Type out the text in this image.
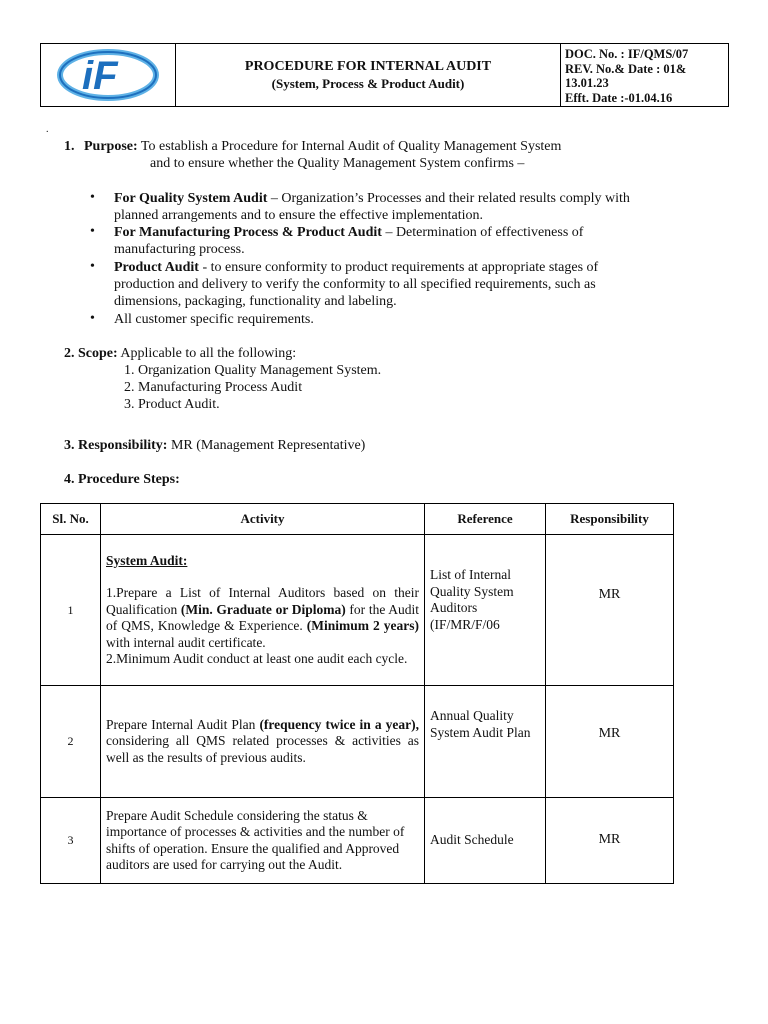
iF	PROCEDURE FOR INTERNAL AUDIT
(System, Process & Product Audit)
DOC. No. : IF/QMS/07
REV. No.& Date : 01&
13.01.23
Efft. Date :-01.04.16
.
1. Purpose: To establish a Procedure for Internal Audit of Quality Management System
and to ensure whether the Quality Management System confirms –
• For Quality System Audit – Organization’s Processes and their related results comply with
planned arrangements and to ensure the effective implementation.
• For Manufacturing Process & Product Audit – Determination of effectiveness of
manufacturing process.
• Product Audit - to ensure conformity to product requirements at appropriate stages of
production and delivery to verify the conformity to all specified requirements, such as
dimensions, packaging, functionality and labeling.
• All customer specific requirements.
2. Scope: Applicable to all the following:
1. Organization Quality Management System.
2. Manufacturing Process Audit
3. Product Audit.
3. Responsibility: MR (Management Representative)
4. Procedure Steps:
Sl. No.	Activity	Reference	Responsibility
1	System Audit:
1.Prepare a List of Internal Auditors based on their Qualification (Min. Graduate or Diploma) for the Audit of QMS, Knowledge & Experience. (Minimum 2 years) with internal audit certificate.
2.Minimum Audit conduct at least one audit each cycle.	List of Internal Quality System Auditors (IF/MR/F/06	MR
2	Prepare Internal Audit Plan (frequency twice in a year), considering all QMS related processes & activities as well as the results of previous audits.	Annual Quality System Audit Plan	MR
3	Prepare Audit Schedule considering the status & importance of processes & activities and the number of shifts of operation. Ensure the qualified and Approved auditors are used for carrying out the Audit.	Audit Schedule	MR
